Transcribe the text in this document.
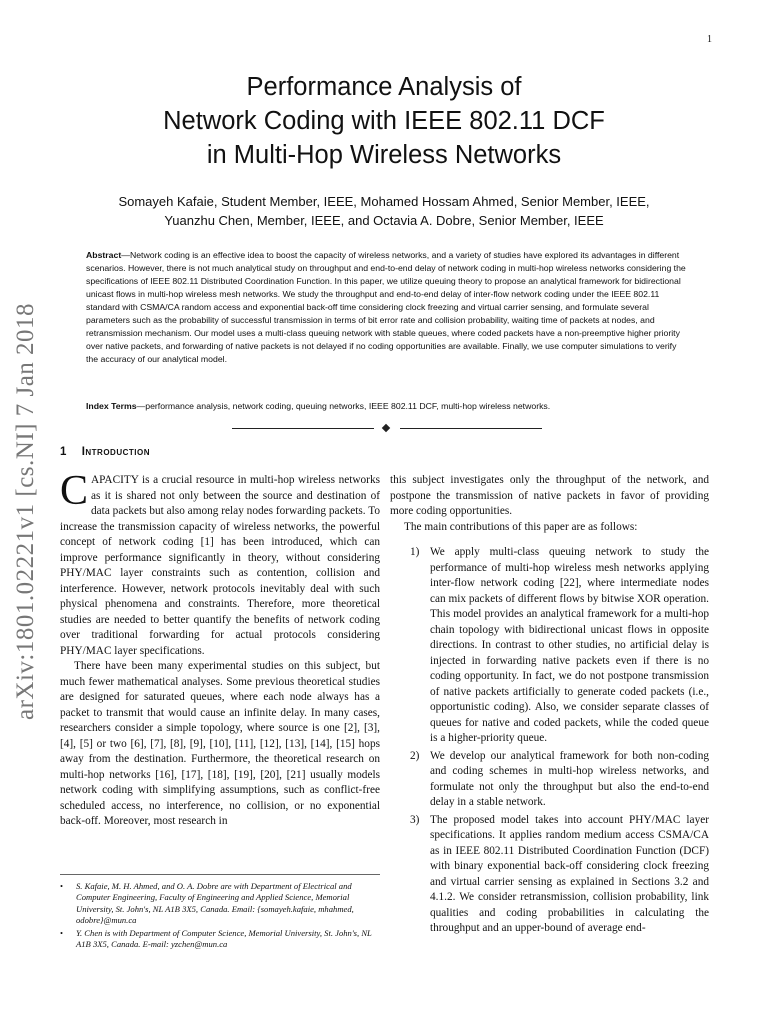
1
arXiv:1801.02221v1 [cs.NI] 7 Jan 2018
Performance Analysis of
Network Coding with IEEE 802.11 DCF
in Multi-Hop Wireless Networks
Somayeh Kafaie, Student Member, IEEE, Mohamed Hossam Ahmed, Senior Member, IEEE,
Yuanzhu Chen, Member, IEEE, and Octavia A. Dobre, Senior Member, IEEE
Abstract—Network coding is an effective idea to boost the capacity of wireless networks, and a variety of studies have explored its advantages in different scenarios. However, there is not much analytical study on throughput and end-to-end delay of network coding in multi-hop wireless networks considering the specifications of IEEE 802.11 Distributed Coordination Function. In this paper, we utilize queuing theory to propose an analytical framework for bidirectional unicast flows in multi-hop wireless mesh networks. We study the throughput and end-to-end delay of inter-flow network coding under the IEEE 802.11 standard with CSMA/CA random access and exponential back-off time considering clock freezing and virtual carrier sensing, and formulate several parameters such as the probability of successful transmission in terms of bit error rate and collision probability, waiting time of packets at nodes, and retransmission mechanism. Our model uses a multi-class queuing network with stable queues, where coded packets have a non-preemptive higher priority over native packets, and forwarding of native packets is not delayed if no coding opportunities are available. Finally, we use computer simulations to verify the accuracy of our analytical model.
Index Terms—performance analysis, network coding, queuing networks, IEEE 802.11 DCF, multi-hop wireless networks.
1 Introduction

CAPACITY is a crucial resource in multi-hop wireless networks as it is shared not only between the source and destination of data packets but also among relay nodes forwarding packets. To increase the transmission capacity of wireless networks, the powerful concept of network coding [1] has been introduced, which can improve performance significantly in theory, without considering PHY/MAC layer constraints such as contention, collision and interference. However, network protocols inevitably deal with such physical phenomena and constraints. Therefore, more theoretical studies are needed to better quantify the benefits of network coding over traditional forwarding for actual protocols considering PHY/MAC layer specifications.

There have been many experimental studies on this subject, but much fewer mathematical analyses. Some previous theoretical studies are designed for saturated queues, where each node always has a packet to transmit that would cause an infinite delay. In many cases, researchers consider a simple topology, where source is one [2], [3], [4], [5] or two [6], [7], [8], [9], [10], [11], [12], [13], [14], [15] hops away from the destination. Furthermore, the theoretical research on multi-hop networks [16], [17], [18], [19], [20], [21] usually models network coding with simplifying assumptions, such as conflict-free scheduled access, no interference, no collision, or no exponential back-off. Moreover, most research in

this subject investigates only the throughput of the network, and postpone the transmission of native packets in favor of providing more coding opportunities.

The main contributions of this paper are as follows:

1) We apply multi-class queuing network to study the performance of multi-hop wireless mesh networks applying inter-flow network coding [22], where intermediate nodes can mix packets of different flows by bitwise XOR operation. This model provides an analytical framework for a multi-hop chain topology with bidirectional unicast flows in opposite directions. In contrast to other studies, no artificial delay is injected in forwarding native packets even if there is no coding opportunity. In fact, we do not postpone transmission of native packets artificially to generate coded packets (i.e., opportunistic coding). Also, we consider separate classes of queues for native and coded packets, while the coded queue is a higher-priority queue.
2) We develop our analytical framework for both non-coding and coding schemes in multi-hop wireless networks, and formulate not only the throughput but also the end-to-end delay in a stable network.
3) The proposed model takes into account PHY/MAC layer specifications. It applies random medium access CSMA/CA as in IEEE 802.11 Distributed Coordination Function (DCF) with binary exponential back-off considering clock freezing and virtual carrier sensing as explained in Sections 3.2 and 4.1.2. We consider retransmission, collision probability, link qualities and coding probabilities in calculating the throughput and an upper-bound of average end-
•	S. Kafaie, M. H. Ahmed, and O. A. Dobre are with Department of Electrical and Computer Engineering, Faculty of Engineering and Applied Science, Memorial University, St. John's, NL A1B 3X5, Canada. Email: {somayeh.kafaie, mhahmed, odobre}@mun.ca
•	Y. Chen is with Department of Computer Science, Memorial University, St. John's, NL A1B 3X5, Canada. E-mail: yzchen@mun.ca
